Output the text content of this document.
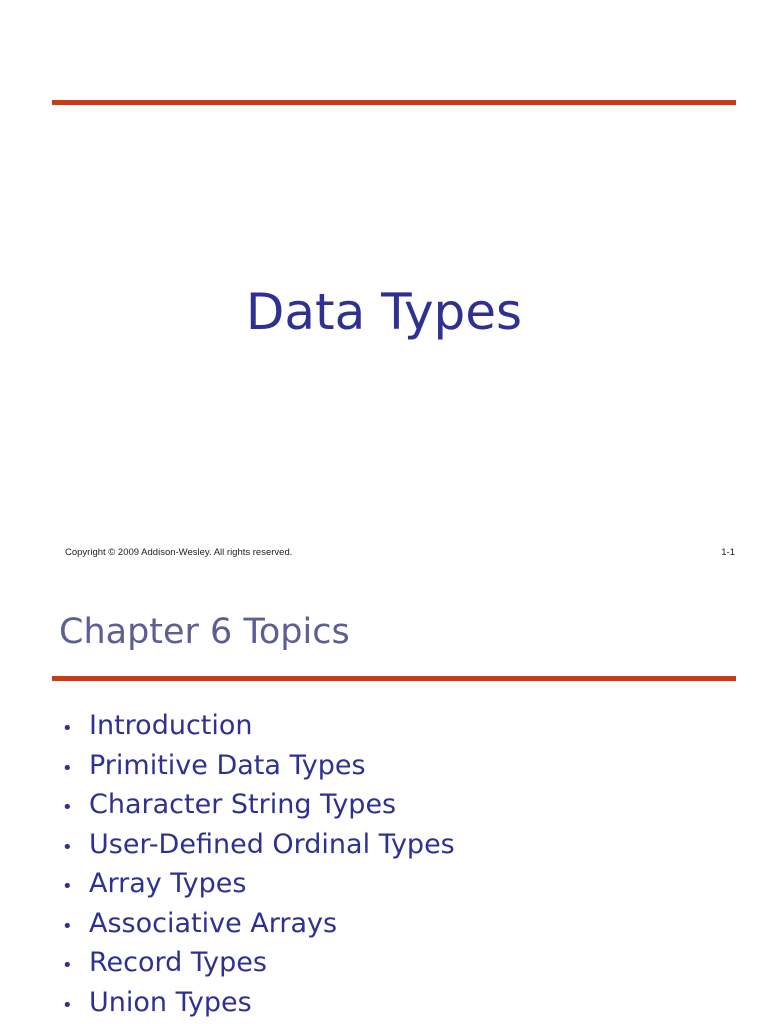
Data Types
Copyright © 2009 Addison-Wesley. All rights reserved.	1-1
Chapter 6 Topics
• Introduction
• Primitive Data Types
• Character String Types
• User-Defined Ordinal Types
• Array Types
• Associative Arrays
• Record Types
• Union Types
